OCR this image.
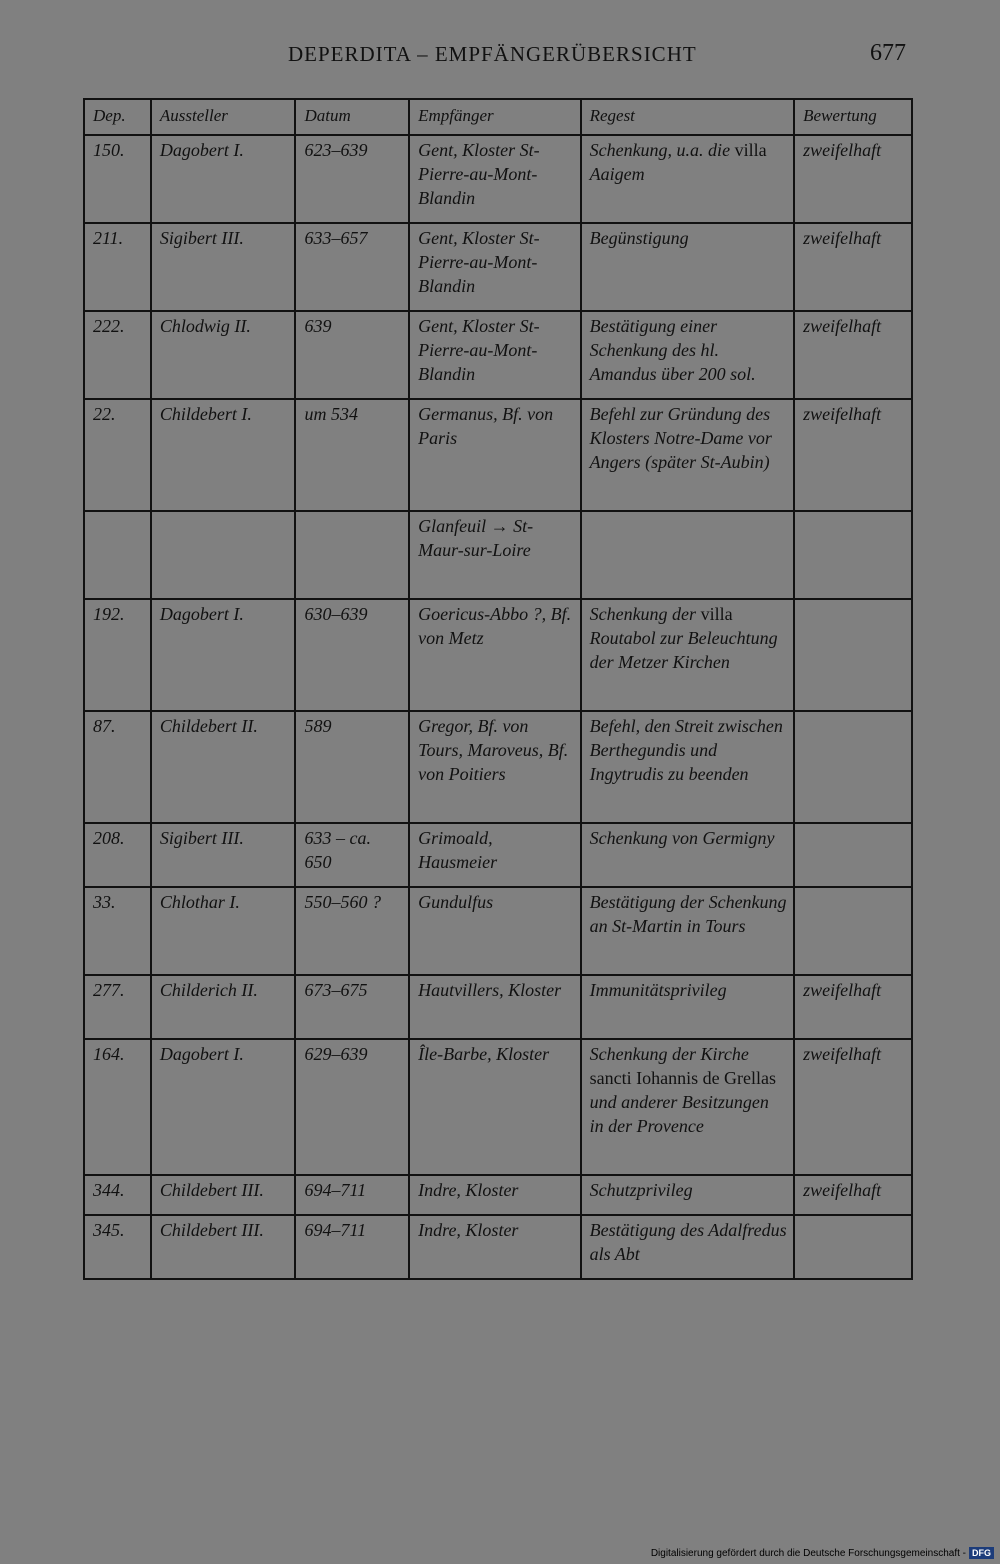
DEPERDITA – EMPFÄNGERÜBERSICHT	677
Dep.	Aussteller	Datum	Empfänger	Regest	Bewertung
150.	Dagobert I.	623–639	Gent, Kloster St-Pierre-au-Mont-Blandin	Schenkung, u.a. die villa Aaigem	zweifelhaft
211.	Sigibert III.	633–657	Gent, Kloster St-Pierre-au-Mont-Blandin	Begünstigung	zweifelhaft
222.	Chlodwig II.	639	Gent, Kloster St-Pierre-au-Mont-Blandin	Bestätigung einer Schenkung des hl. Amandus über 200 sol.	zweifelhaft
22.	Childebert I.	um 534	Germanus, Bf. von Paris	Befehl zur Gründung des Klosters Notre-Dame vor Angers (später St-Aubin)	zweifelhaft
			Glanfeuil → St-Maur-sur-Loire		
192.	Dagobert I.	630–639	Goericus-Abbo ?, Bf. von Metz	Schenkung der villa Routabol zur Beleuchtung der Metzer Kirchen	
87.	Childebert II.	589	Gregor, Bf. von Tours, Maroveus, Bf. von Poitiers	Befehl, den Streit zwischen Berthegundis und Ingytrudis zu beenden	
208.	Sigibert III.	633 – ca. 650	Grimoald, Hausmeier	Schenkung von Germigny	
33.	Chlothar I.	550–560 ?	Gundulfus	Bestätigung der Schenkung an St-Martin in Tours	
277.	Childerich II.	673–675	Hautvillers, Kloster	Immunitätsprivileg	zweifelhaft
164.	Dagobert I.	629–639	Île-Barbe, Kloster	Schenkung der Kirche sancti Iohannis de Grellas und anderer Besitzungen in der Provence	zweifelhaft
344.	Childebert III.	694–711	Indre, Kloster	Schutzprivileg	zweifelhaft
345.	Childebert III.	694–711	Indre, Kloster	Bestätigung des Adalfredus als Abt	
Digitalisierung gefördert durch die Deutsche Forschungsgemeinschaft - DFG
